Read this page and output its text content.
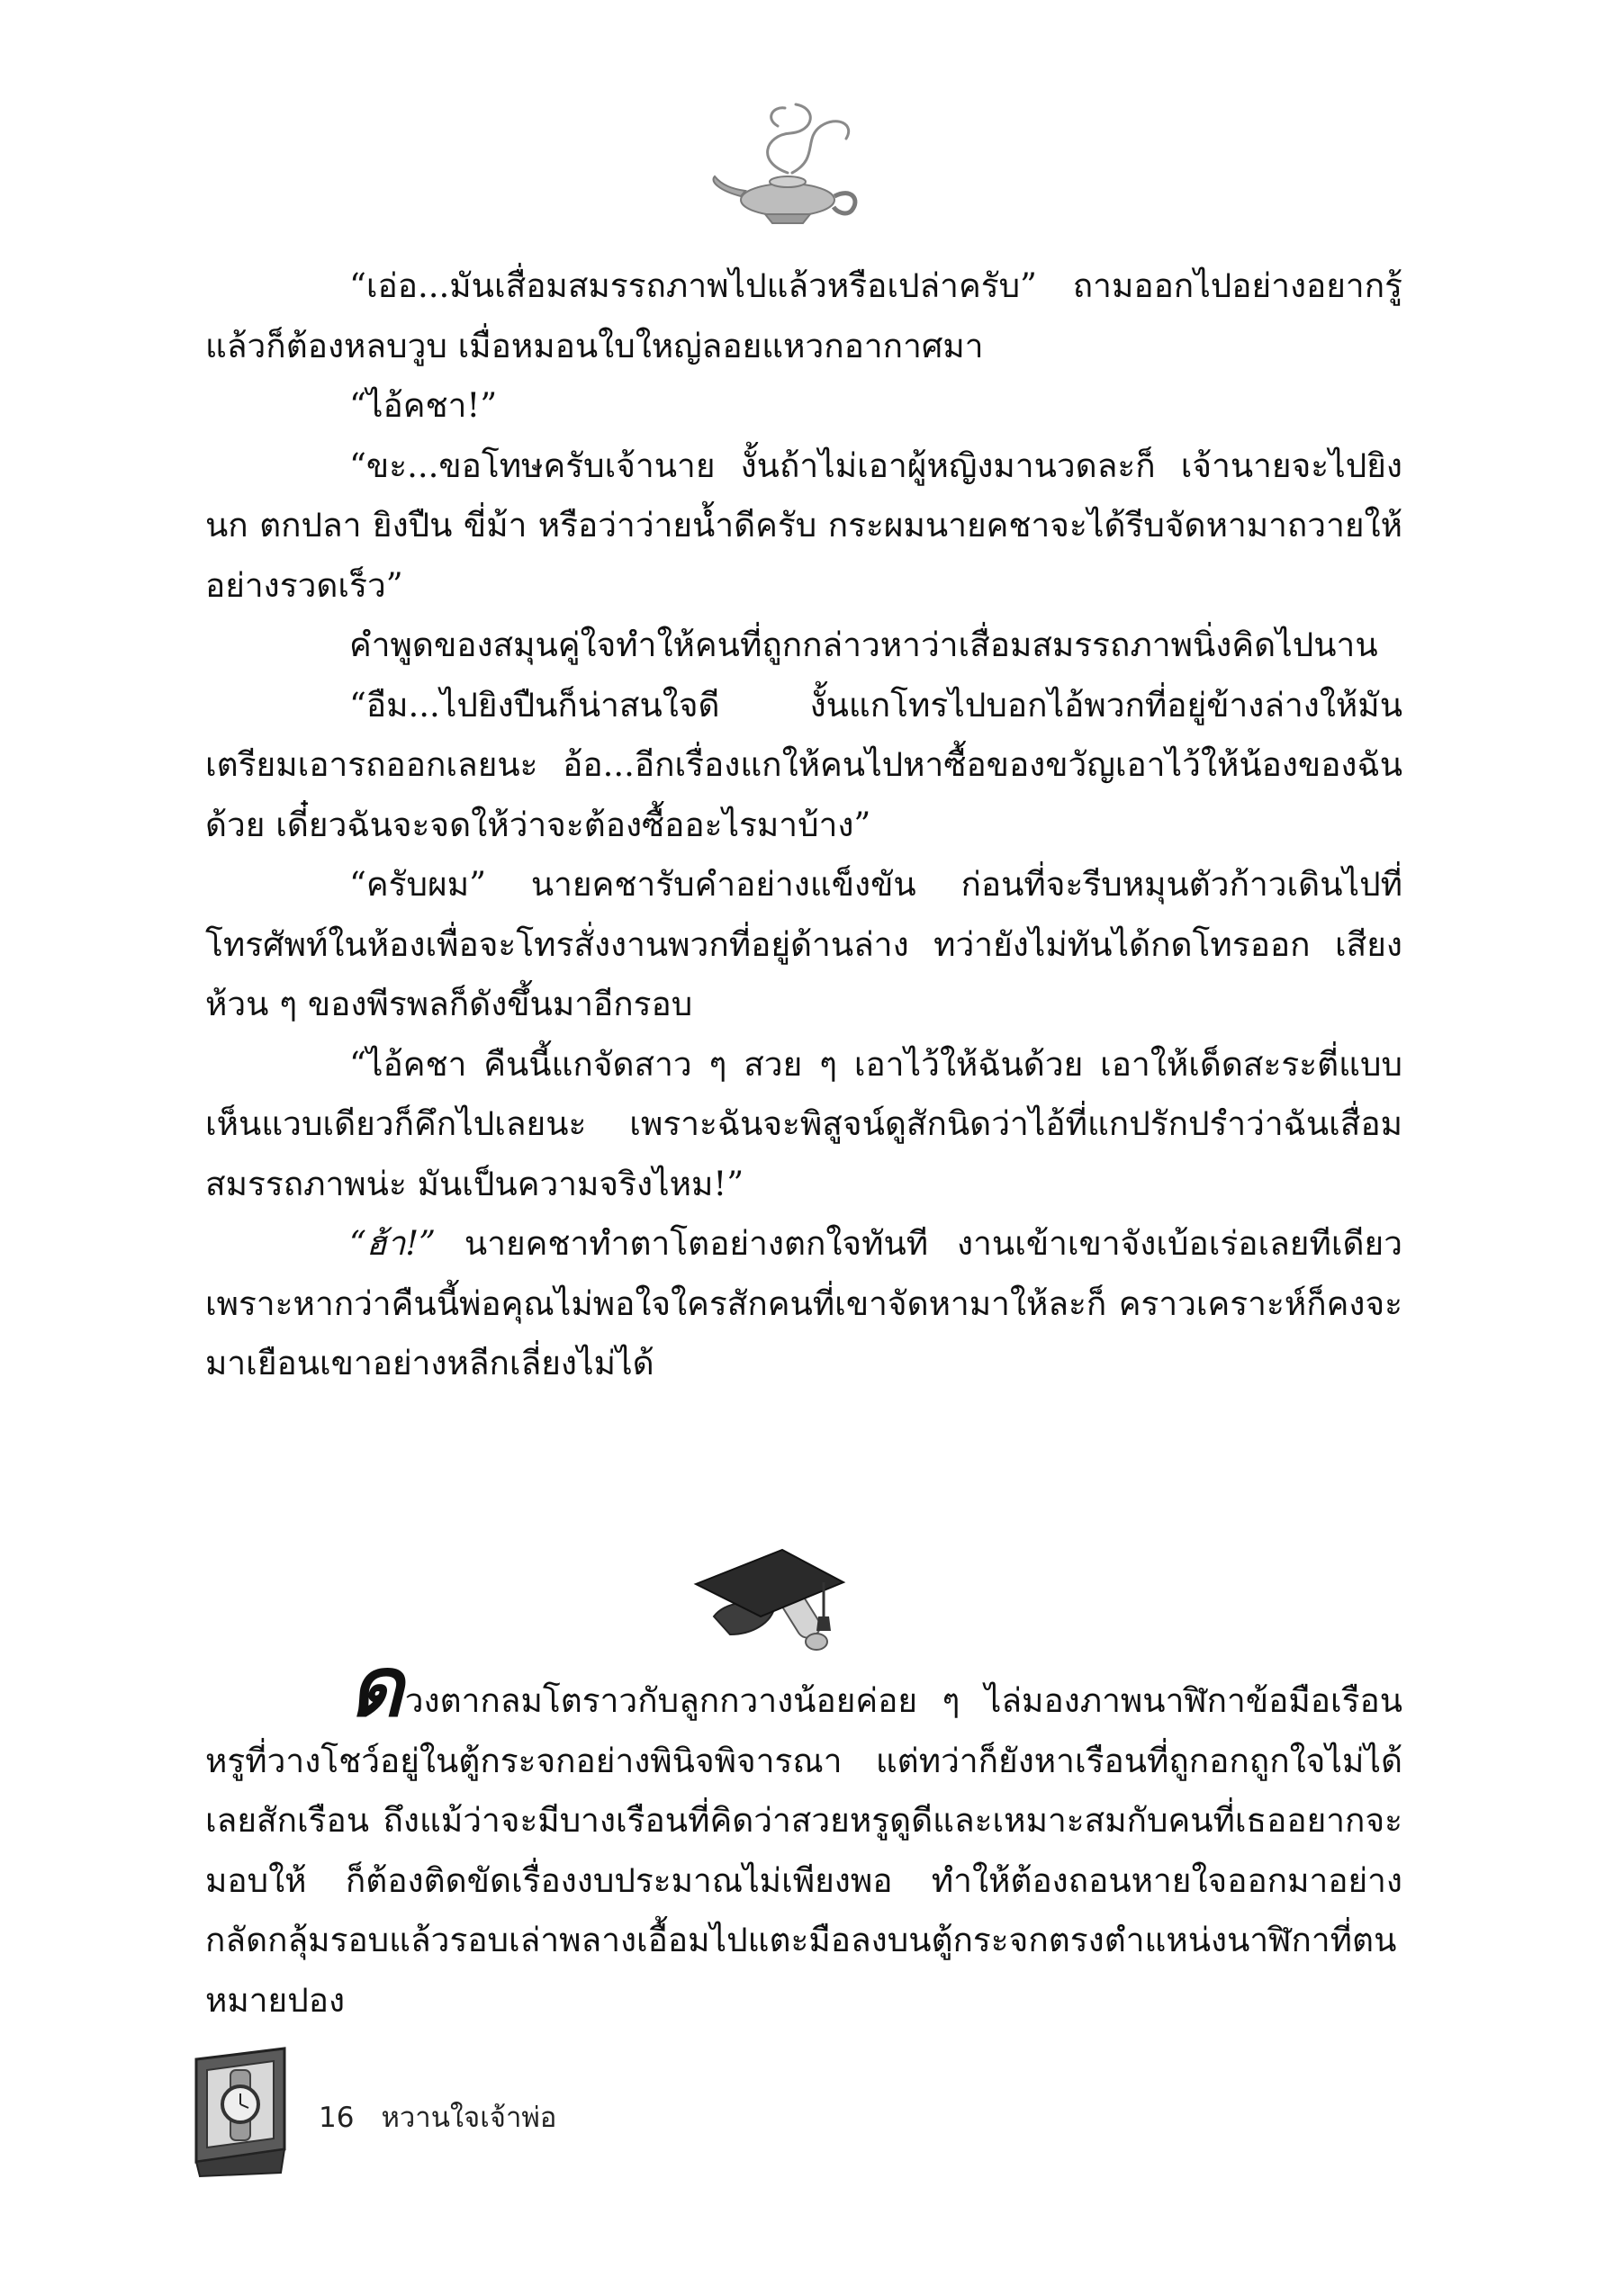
“เอ่อ...มันเสื่อมสมรรถภาพไปแล้วหรือเปล่าครับ” ถามออกไปอย่างอยากรู้ แล้วก็ต้องหลบวูบ เมื่อหมอนใบใหญ่ลอยแหวกอากาศมา

“ไอ้คชา!”

“ขะ...ขอโทษครับเจ้านาย งั้นถ้าไม่เอาผู้หญิงมานวดละก็ เจ้านายจะไปยิงนก ตกปลา ยิงปืน ขี่ม้า หรือว่าว่ายน้ำดีครับ กระผมนายคชาจะได้รีบจัดหามาถวายให้อย่างรวดเร็ว”

คำพูดของสมุนคู่ใจทำให้คนที่ถูกกล่าวหาว่าเสื่อมสมรรถภาพนิ่งคิดไปนาน

“อืม...ไปยิงปืนก็น่าสนใจดี งั้นแกโทรไปบอกไอ้พวกที่อยู่ข้างล่างให้มันเตรียมเอารถออกเลยนะ อ้อ...อีกเรื่องแกให้คนไปหาซื้อของขวัญเอาไว้ให้น้องของฉันด้วย เดี๋ยวฉันจะจดให้ว่าจะต้องซื้ออะไรมาบ้าง”

“ครับผม” นายคชารับคำอย่างแข็งขัน ก่อนที่จะรีบหมุนตัวก้าวเดินไปที่โทรศัพท์ในห้องเพื่อจะโทรสั่งงานพวกที่อยู่ด้านล่าง ทว่ายังไม่ทันได้กดโทรออก เสียงห้วน ๆ ของพีรพลก็ดังขึ้นมาอีกรอบ

“ไอ้คชา คืนนี้แกจัดสาว ๆ สวย ๆ เอาไว้ให้ฉันด้วย เอาให้เด็ดสะระตี่แบบเห็นแวบเดียวก็คึกไปเลยนะ เพราะฉันจะพิสูจน์ดูสักนิดว่าไอ้ที่แกปรักปรำว่าฉันเสื่อมสมรรถภาพน่ะ มันเป็นความจริงไหม!”

“ฮ้า!” นายคชาทำตาโตอย่างตกใจทันที งานเข้าเขาจังเบ้อเร่อเลยทีเดียว เพราะหากว่าคืนนี้พ่อคุณไม่พอใจใครสักคนที่เขาจัดหามาให้ละก็ คราวเคราะห์ก็คงจะมาเยือนเขาอย่างหลีกเลี่ยงไม่ได้

ดวงตากลมโตราวกับลูกกวางน้อยค่อย ๆ ไล่มองภาพนาฬิกาข้อมือเรือนหรูที่วางโชว์อยู่ในตู้กระจกอย่างพินิจพิจารณา แต่ทว่าก็ยังหาเรือนที่ถูกอกถูกใจไม่ได้เลยสักเรือน ถึงแม้ว่าจะมีบางเรือนที่คิดว่าสวยหรูดูดีและเหมาะสมกับคนที่เธออยากจะมอบให้ ก็ต้องติดขัดเรื่องงบประมาณไม่เพียงพอ ทำให้ต้องถอนหายใจออกมาอย่างกลัดกลุ้มรอบแล้วรอบเล่าพลางเอื้อมไปแตะมือลงบนตู้กระจกตรงตำแหน่งนาฬิกาที่ตนหมายปอง

16 หวานใจเจ้าพ่อ
